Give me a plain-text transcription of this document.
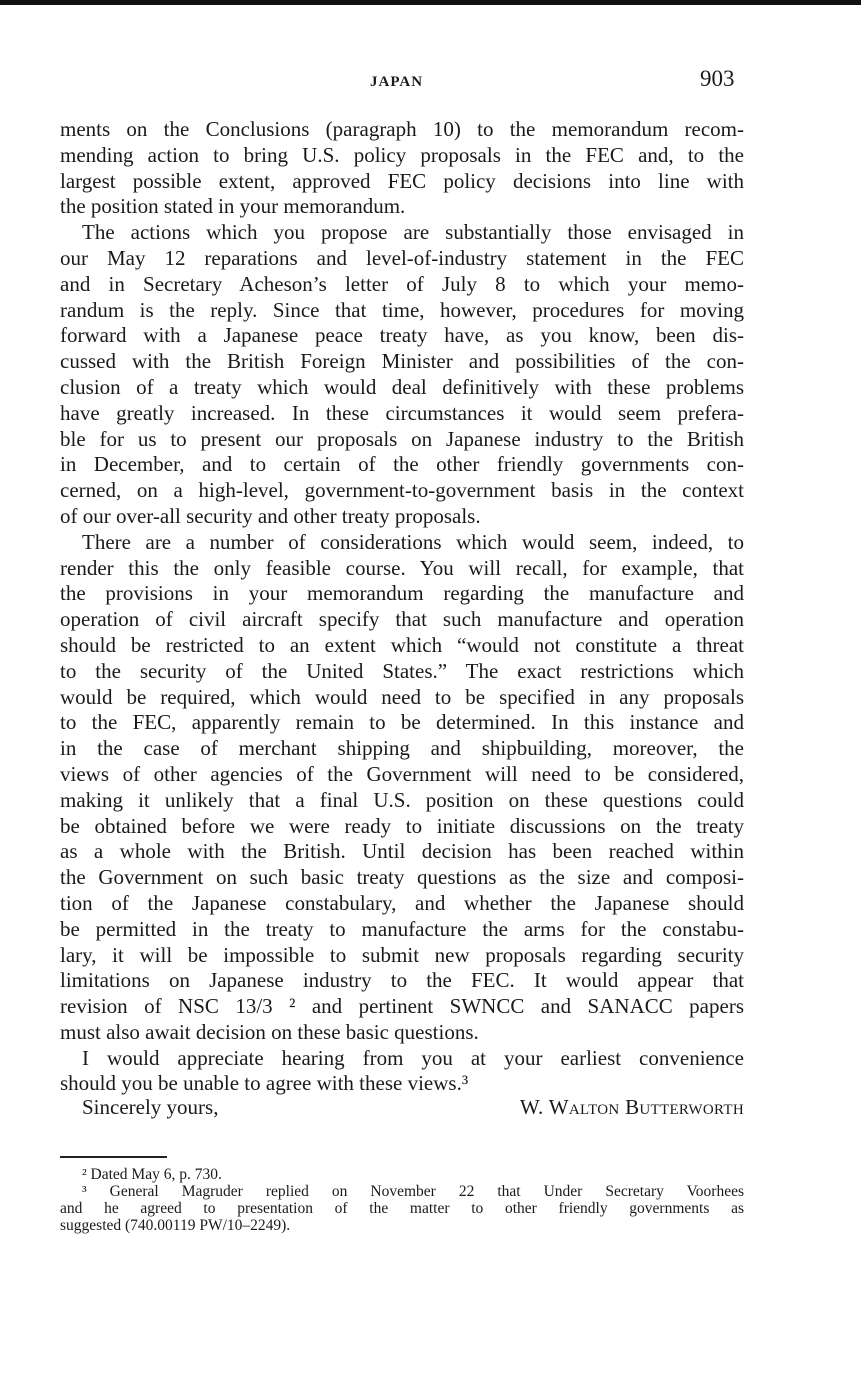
JAPAN	903
ments on the Conclusions (paragraph 10) to the memorandum recom-
mending action to bring U.S. policy proposals in the FEC and, to the
largest possible extent, approved FEC policy decisions into line with
the position stated in your memorandum.
The actions which you propose are substantially those envisaged in
our May 12 reparations and level-of-industry statement in the FEC
and in Secretary Acheson’s letter of July 8 to which your memo-
randum is the reply. Since that time, however, procedures for moving
forward with a Japanese peace treaty have, as you know, been dis-
cussed with the British Foreign Minister and possibilities of the con-
clusion of a treaty which would deal definitively with these problems
have greatly increased. In these circumstances it would seem prefera-
ble for us to present our proposals on Japanese industry to the British
in December, and to certain of the other friendly governments con-
cerned, on a high-level, government-to-government basis in the context
of our over-all security and other treaty proposals.
There are a number of considerations which would seem, indeed, to
render this the only feasible course. You will recall, for example, that
the provisions in your memorandum regarding the manufacture and
operation of civil aircraft specify that such manufacture and operation
should be restricted to an extent which “would not constitute a threat
to the security of the United States.” The exact restrictions which
would be required, which would need to be specified in any proposals
to the FEC, apparently remain to be determined. In this instance and
in the case of merchant shipping and shipbuilding, moreover, the
views of other agencies of the Government will need to be considered,
making it unlikely that a final U.S. position on these questions could
be obtained before we were ready to initiate discussions on the treaty
as a whole with the British. Until decision has been reached within
the Government on such basic treaty questions as the size and composi-
tion of the Japanese constabulary, and whether the Japanese should
be permitted in the treaty to manufacture the arms for the constabu-
lary, it will be impossible to submit new proposals regarding security
limitations on Japanese industry to the FEC. It would appear that
revision of NSC 13/3 ² and pertinent SWNCC and SANACC papers
must also await decision on these basic questions.
I would appreciate hearing from you at your earliest convenience
should you be unable to agree with these views.³
Sincerely yours,	W. Walton Butterworth
² Dated May 6, p. 730.
³ General Magruder replied on November 22 that Under Secretary Voorhees
and he agreed to presentation of the matter to other friendly governments as
suggested (740.00119 PW/10–2249).
